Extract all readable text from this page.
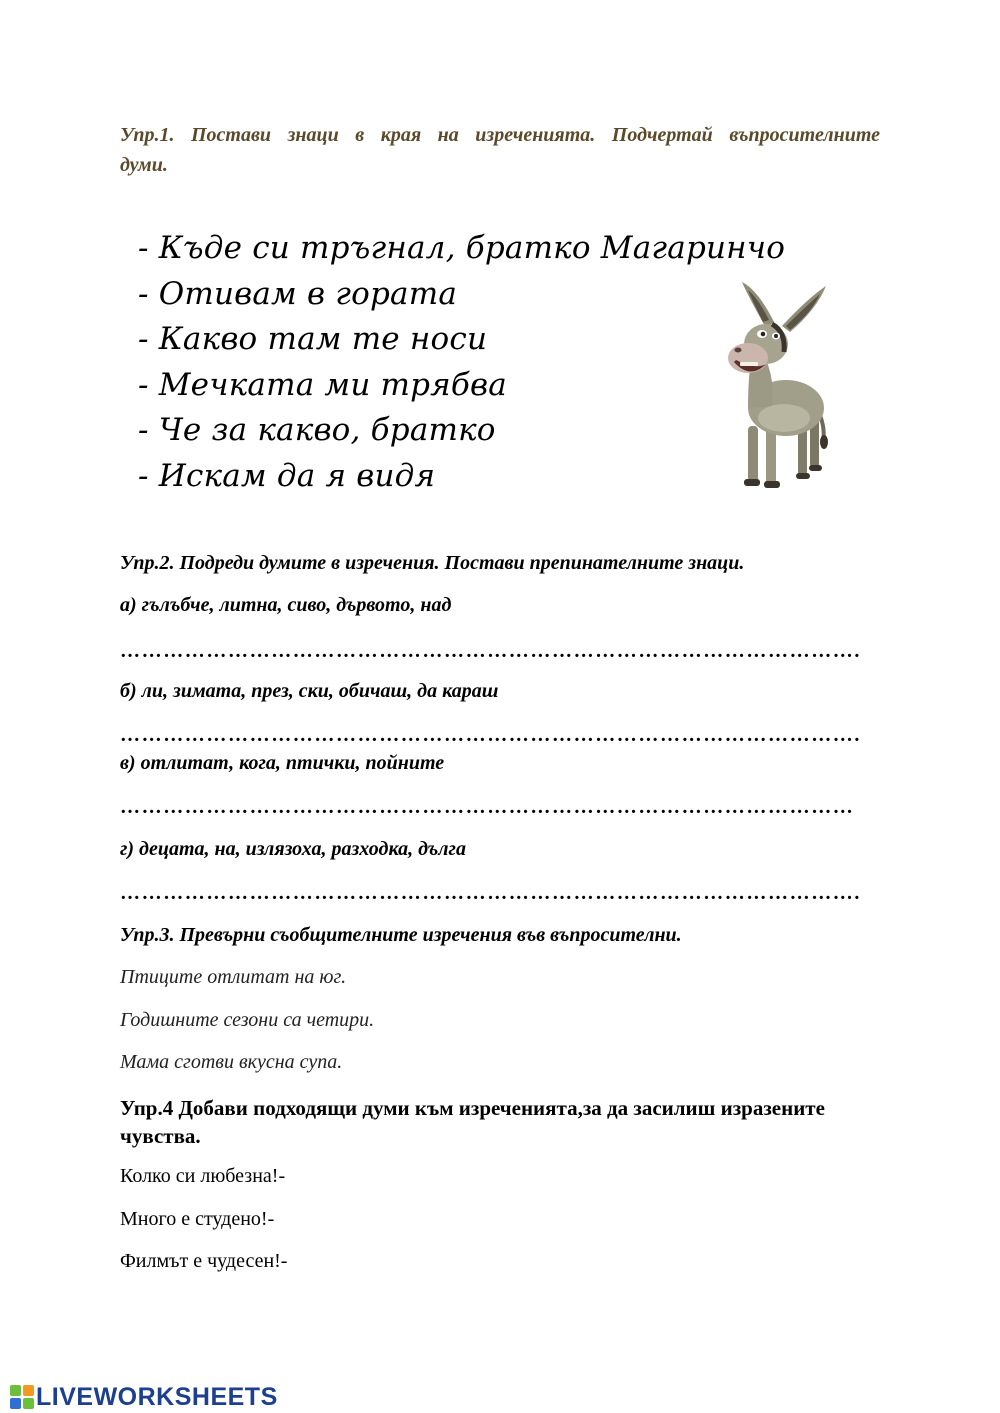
Упр.1. Постави знаци в края на изреченията. Подчертай въпросителните думи.
- Къде си тръгнал, братко Магаринчо
- Отивам в гората
- Какво там те носи
- Мечката ми трябва
- Че за какво, братко
- Искам да я видя
Упр.2. Подреди думите в изречения. Постави препинателните знаци.
а) гълъбче, литна, сиво, дървото, над
………………………………………………………………………………………….
б) ли, зимата, през, ски, обичаш, да караш
………………………………………………………………………………………….
в) отлитат, кога, птички, пойните
…………………………………………………………………………………………
г) децата, на, излязоха, разходка, дълга
………………………………………………………………………………………….
Упр.3. Превърни съобщителните изречения във въпросителни.
Птиците отлитат на юг.
Годишните сезони са четири.
Мама сготви вкусна супа.
Упр.4 Добави подходящи думи към изреченията,за да засилиш изразените чувства.
Колко си любезна!-
Много е студено!-
Филмът е чудесен!-
LIVEWORKSHEETS
